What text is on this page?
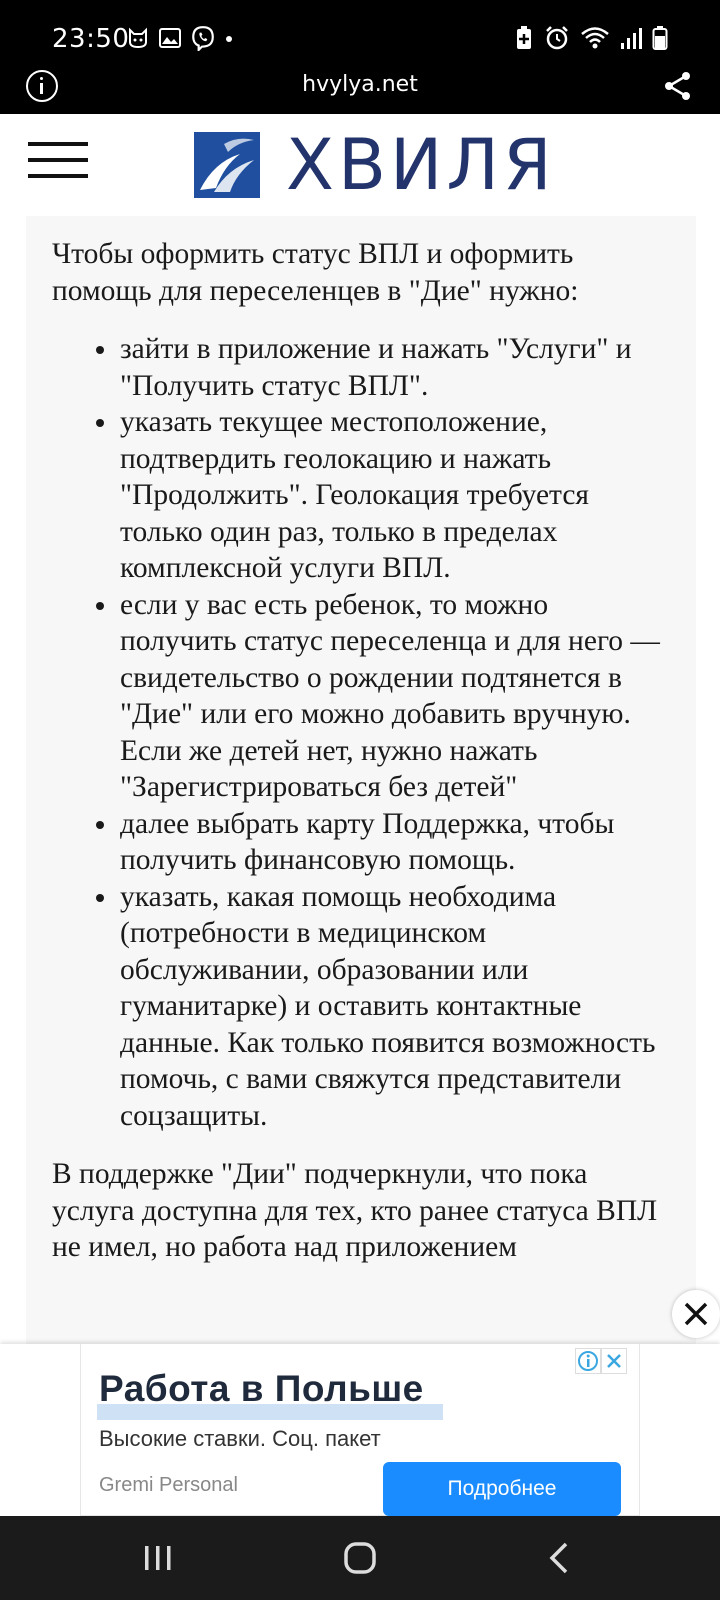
23:50
hvylya.net
ХВИЛЯ

Чтобы оформить статус ВПЛ и оформить помощь для переселенцев в "Дие" нужно:

зайти в приложение и нажать "Услуги" и "Получить статус ВПЛ".
указать текущее местоположение, подтвердить геолокацию и нажать "Продолжить". Геолокация требуется только один раз, только в пределах комплексной услуги ВПЛ.
если у вас есть ребенок, то можно получить статус переселенца и для него — свидетельство о рождении подтянется в "Дие" или его можно добавить вручную. Если же детей нет, нужно нажать "Зарегистрироваться без детей"
далее выбрать карту Поддержка, чтобы получить финансовую помощь.
указать, какая помощь необходима (потребности в медицинском обслуживании, образовании или гуманитарке) и оставить контактные данные. Как только появится возможность помочь, с вами свяжутся представители соцзащиты.

В поддержке "Дии" подчеркнули, что пока услуга доступна для тех, кто ранее статуса ВПЛ не имел, но работа над приложением

Работа в Польше
Высокие ставки. Соц. пакет
Gremi Personal	Подробнее
